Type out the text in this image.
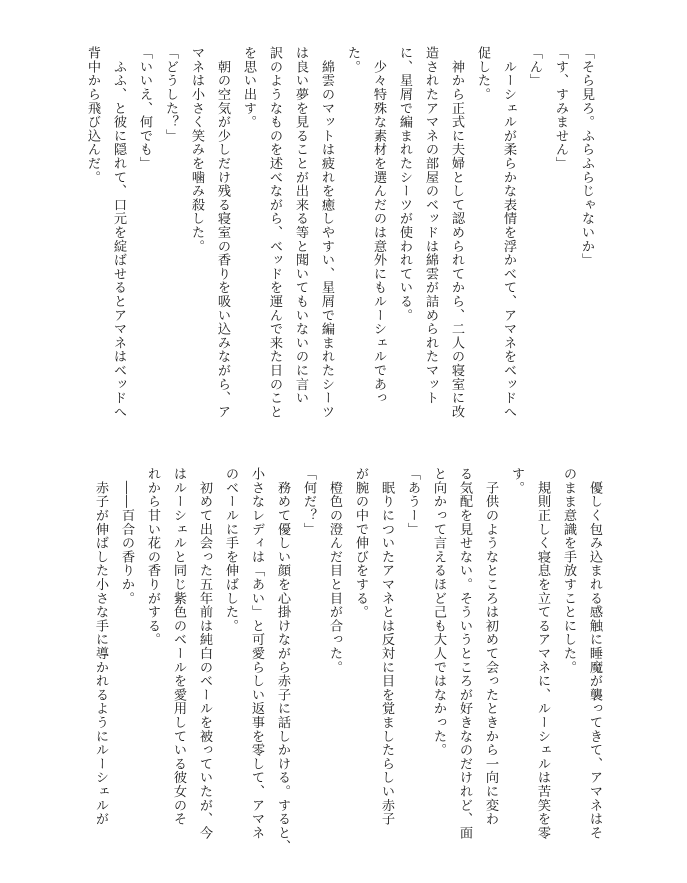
「そら見ろ。ふらふらじゃないか」
「す、すみません」
「ん」
　ルーシェルが柔らかな表情を浮かべて、アマネをベッドへ
促した。
　神から正式に夫婦として認められてから、二人の寝室に改
造されたアマネの部屋のベッドは綿雲が詰められたマット
に、星屑で編まれたシーツが使われている。
　少々特殊な素材を選んだのは意外にもルーシェルであっ
た。
　綿雲のマットは疲れを癒しやすい、星屑で編まれたシーツ
は良い夢を見ることが出来る等と聞いてもいないのに言い
訳のようなものを述べながら、ベッドを運んで来た日のこと
を思い出す。
　朝の空気が少しだけ残る寝室の香りを吸い込みながら、ア
マネは小さく笑みを噛み殺した。
「どうした？」
「いいえ、何でも」
　ふふ、と彼に隠れて、口元を綻ばせるとアマネはベッドへ
背中から飛び込んだ。
　優しく包み込まれる感触に睡魔が襲ってきて、アマネはそ
のまま意識を手放すことにした。
　規則正しく寝息を立てるアマネに、ルーシェルは苦笑を零
す。
　子供のようなところは初めて会ったときから一向に変わ
る気配を見せない。そういうところが好きなのだけれど、面
と向かって言えるほど己も大人ではなかった。
「あうー」
　眠りについたアマネとは反対に目を覚ましたらしい赤子
が腕の中で伸びをする。
　橙色の澄んだ目と目が合った。
「何だ？」
　務めて優しい顔を心掛けながら赤子に話しかける。すると、
小さなレディは「あい」と可愛らしい返事を零して、アマネ
のベールに手を伸ばした。
　初めて出会った五年前は純白のベールを被っていたが、今
はルーシェルと同じ紫色のベールを愛用している彼女のそ
れから甘い花の香りがする。
　――百合の香りか。
　赤子が伸ばした小さな手に導かれるようにルーシェルが
